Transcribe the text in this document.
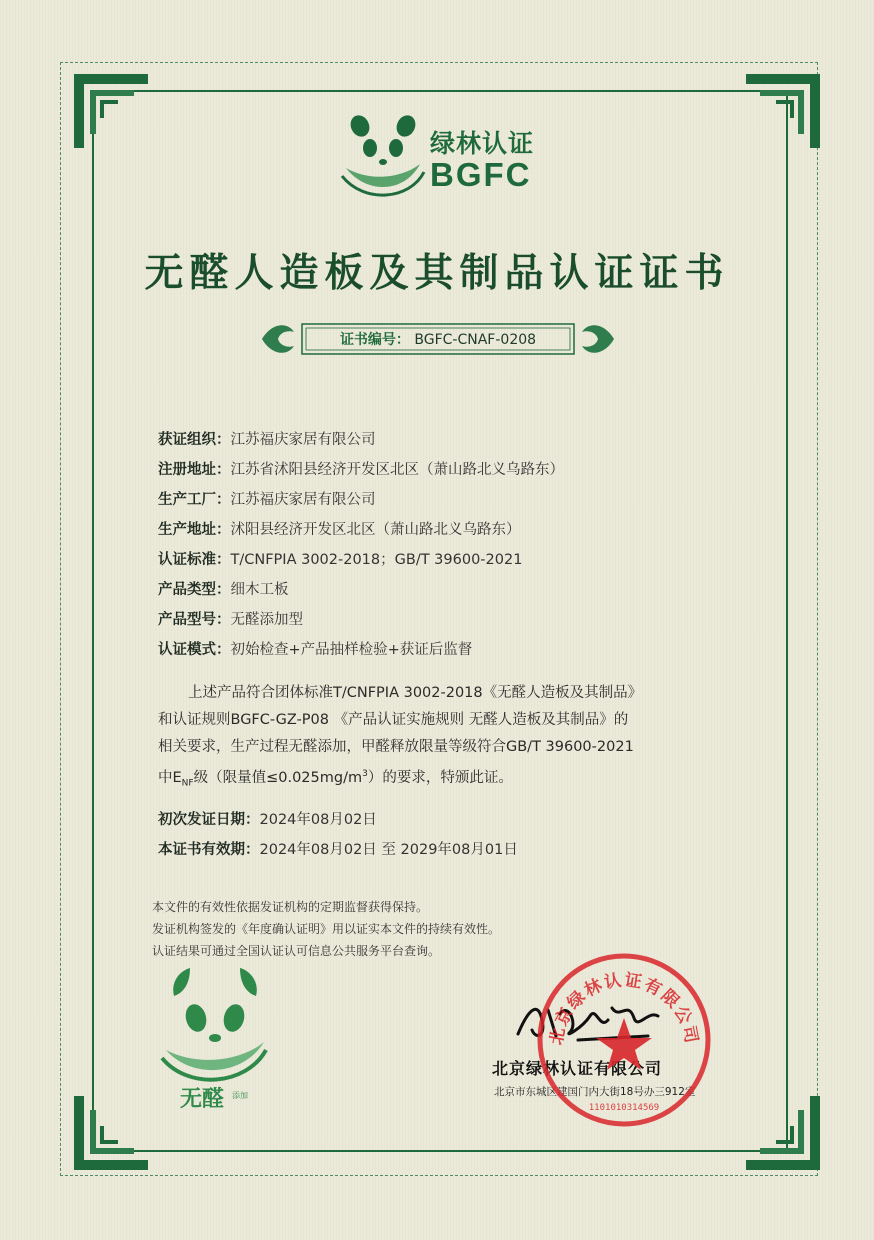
绿林认证
BGFC
无醛人造板及其制品认证证书
证书编号： BGFC-CNAF-0208
获证组织： 江苏福庆家居有限公司
注册地址： 江苏省沭阳县经济开发区北区（萧山路北义乌路东）
生产工厂： 江苏福庆家居有限公司
生产地址： 沭阳县经济开发区北区（萧山路北义乌路东）
认证标准： T/CNFPIA 3002-2018；GB/T 39600-2021
产品类型： 细木工板
产品型号： 无醛添加型
认证模式： 初始检查+产品抽样检验+获证后监督
上述产品符合团体标准T/CNFPIA 3002-2018《无醛人造板及其制品》
和认证规则BGFC-GZ-P08 《产品认证实施规则 无醛人造板及其制品》的
相关要求，生产过程无醛添加，甲醛释放限量等级符合GB/T 39600-2021
中$E_{NF}$级（限量值$\le 0.025mg/m^3$）的要求，特颁此证。
初次发证日期： 2024年08月02日
本证书有效期： 2024年08月02日 至 2029年08月01日
本文件的有效性依据发证机构的定期监督获得保持。
发证机构签发的《年度确认证明》用以证实本文件的持续有效性。
认证结果可通过全国认证认可信息公共服务平台查询。
无醛 添加
北京绿林认证有限公司
北京市东城区建国门内大街18号办三912室
北京绿林认证有限公司
1101010314569
